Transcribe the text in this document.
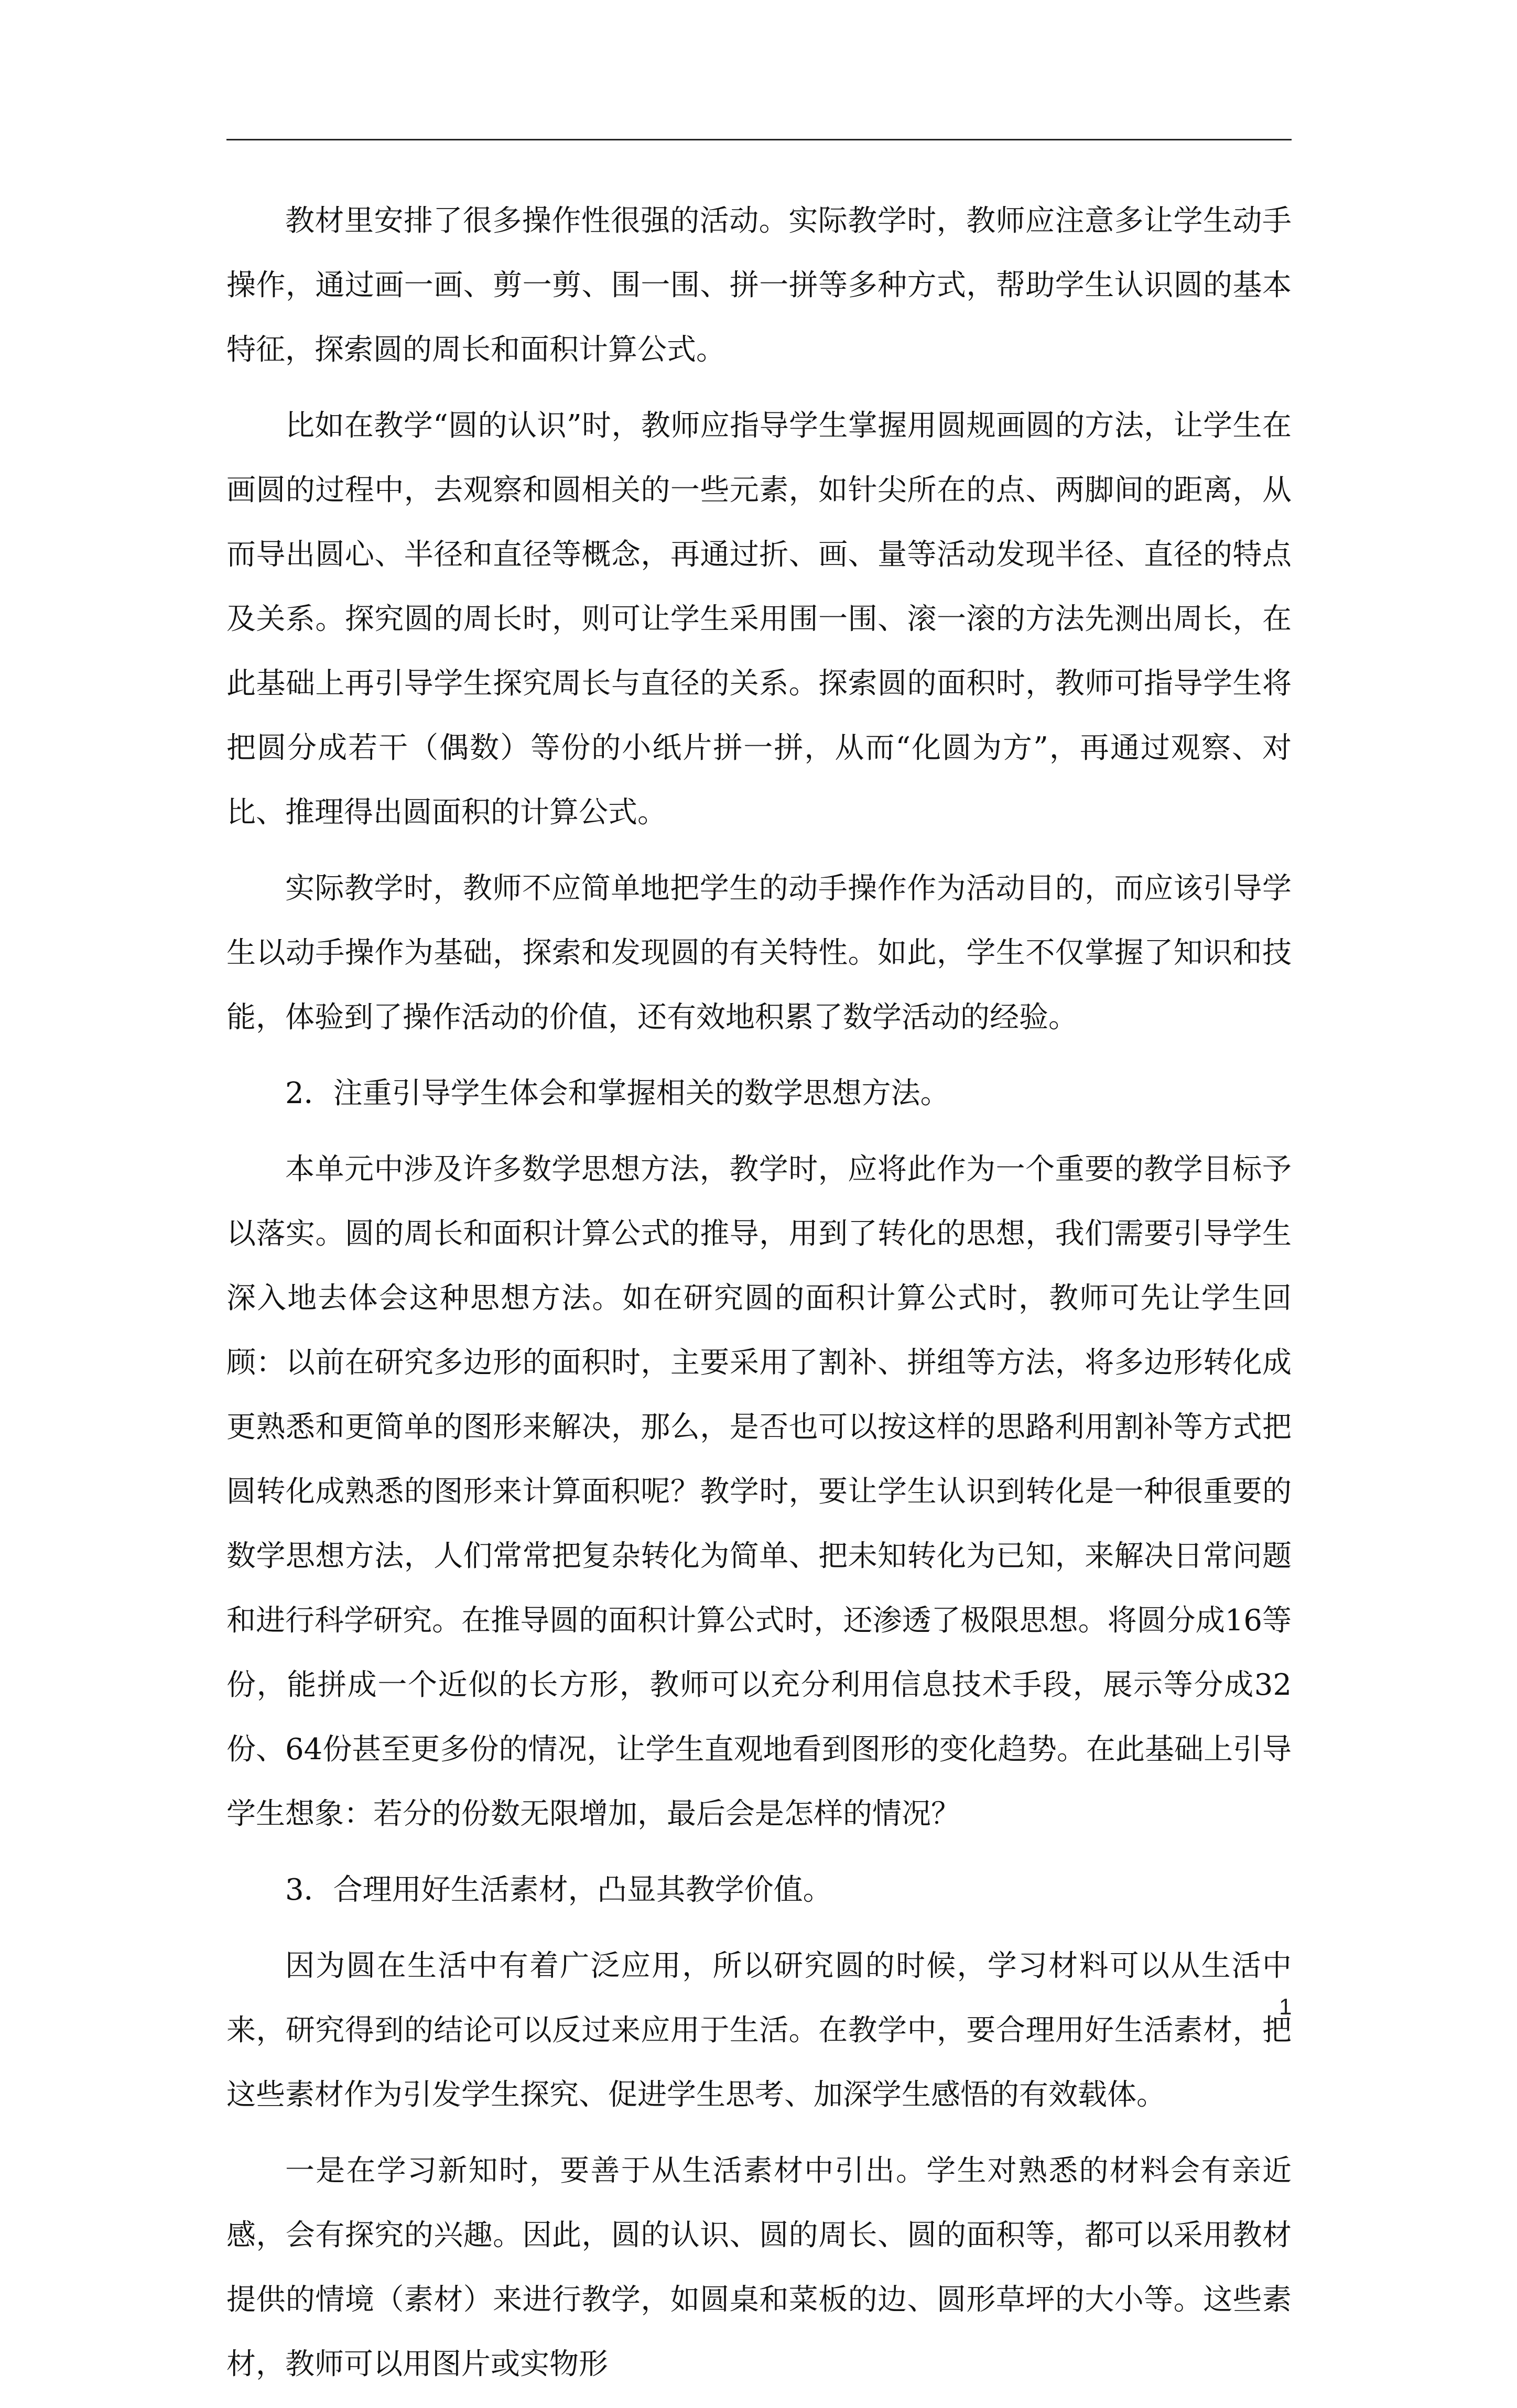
教材里安排了很多操作性很强的活动。实际教学时，教师应注意多让学生动手操作，通过画一画、剪一剪、围一围、拼一拼等多种方式，帮助学生认识圆的基本特征，探索圆的周长和面积计算公式。

比如在教学“圆的认识”时，教师应指导学生掌握用圆规画圆的方法，让学生在画圆的过程中，去观察和圆相关的一些元素，如针尖所在的点、两脚间的距离，从而导出圆心、半径和直径等概念，再通过折、画、量等活动发现半径、直径的特点及关系。探究圆的周长时，则可让学生采用围一围、滚一滚的方法先测出周长，在此基础上再引导学生探究周长与直径的关系。探索圆的面积时，教师可指导学生将把圆分成若干（偶数）等份的小纸片拼一拼，从而“化圆为方”，再通过观察、对比、推理得出圆面积的计算公式。

实际教学时，教师不应简单地把学生的动手操作作为活动目的，而应该引导学生以动手操作为基础，探索和发现圆的有关特性。如此，学生不仅掌握了知识和技能，体验到了操作活动的价值，还有效地积累了数学活动的经验。

2．注重引导学生体会和掌握相关的数学思想方法。

本单元中涉及许多数学思想方法，教学时，应将此作为一个重要的教学目标予以落实。圆的周长和面积计算公式的推导，用到了转化的思想，我们需要引导学生深入地去体会这种思想方法。如在研究圆的面积计算公式时，教师可先让学生回顾：以前在研究多边形的面积时，主要采用了割补、拼组等方法，将多边形转化成更熟悉和更简单的图形来解决，那么，是否也可以按这样的思路利用割补等方式把圆转化成熟悉的图形来计算面积呢？教学时，要让学生认识到转化是一种很重要的数学思想方法，人们常常把复杂转化为简单、把未知转化为已知，来解决日常问题和进行科学研究。在推导圆的面积计算公式时，还渗透了极限思想。将圆分成16等份，能拼成一个近似的长方形，教师可以充分利用信息技术手段，展示等分成32份、64份甚至更多份的情况，让学生直观地看到图形的变化趋势。在此基础上引导学生想象：若分的份数无限增加，最后会是怎样的情况？

3．合理用好生活素材，凸显其教学价值。

因为圆在生活中有着广泛应用，所以研究圆的时候，学习材料可以从生活中来，研究得到的结论可以反过来应用于生活。在教学中，要合理用好生活素材，把这些素材作为引发学生探究、促进学生思考、加深学生感悟的有效载体。

一是在学习新知时，要善于从生活素材中引出。学生对熟悉的材料会有亲近感，会有探究的兴趣。因此，圆的认识、圆的周长、圆的面积等，都可以采用教材提供的情境（素材）来进行教学，如圆桌和菜板的边、圆形草坪的大小等。这些素材，教师可以用图片或实物形

1
